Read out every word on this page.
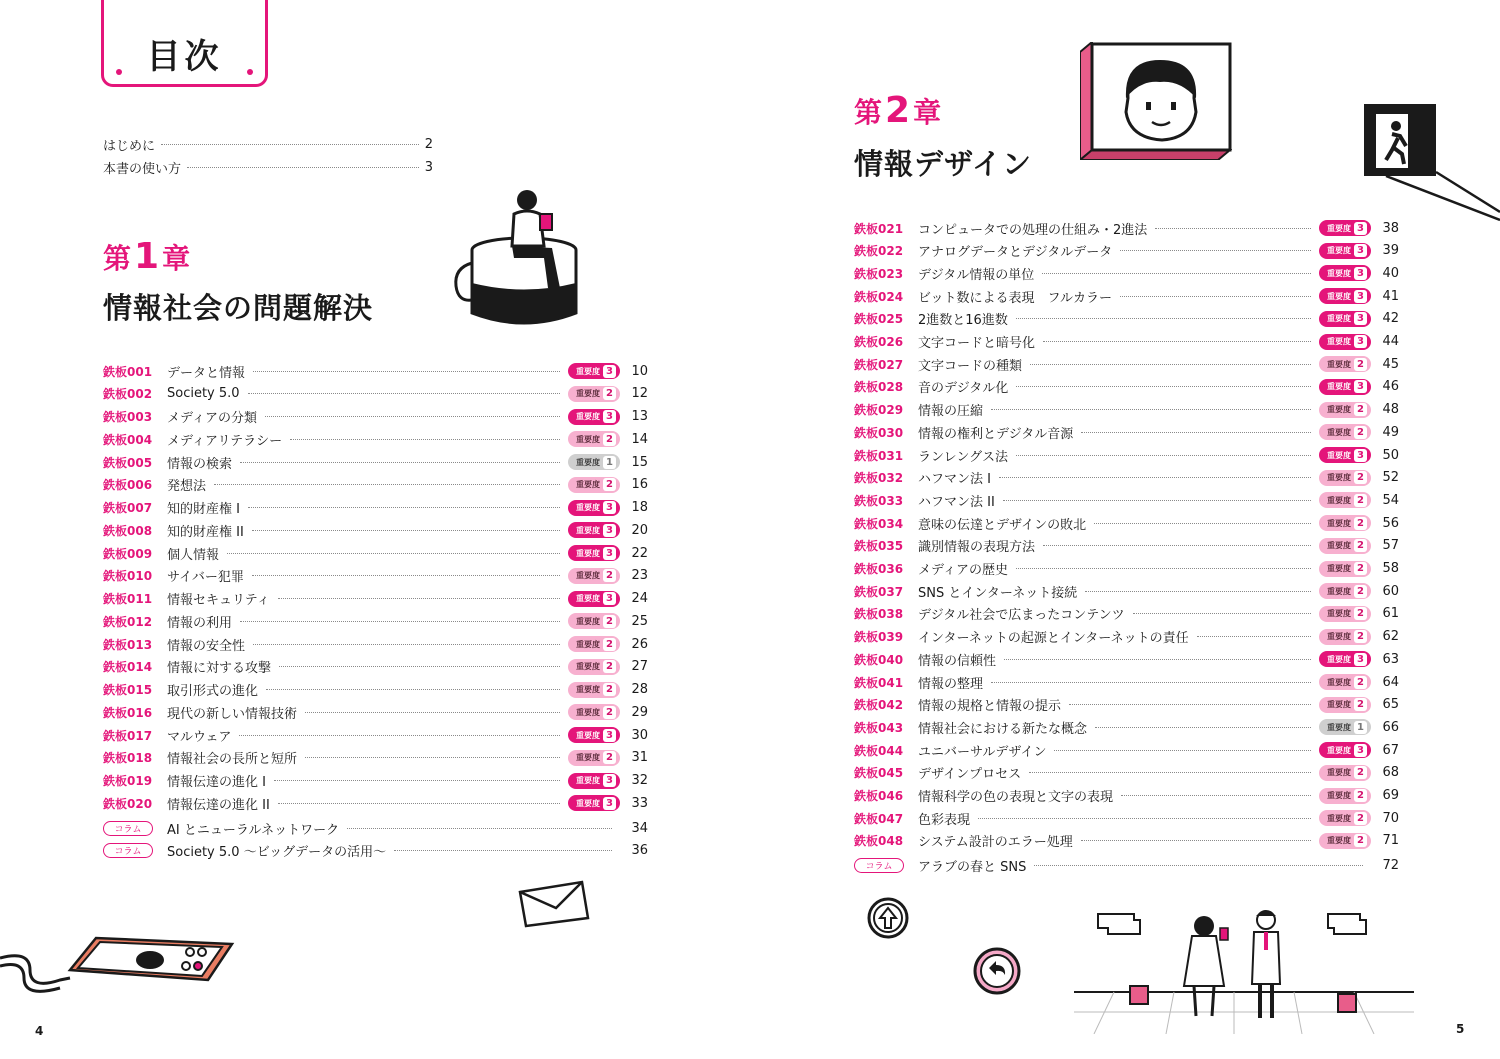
目次
はじめに	2
本書の使い方	3
第1 章
情報社会の問題解決
鉄板001	データと情報	重要度 3	10
鉄板002	Society 5.0	重要度 2	12
鉄板003	メディアの分類	重要度 3	13
鉄板004	メディアリテラシー	重要度 2	14
鉄板005	情報の検索	重要度 1	15
鉄板006	発想法	重要度 2	16
鉄板007	知的財産権 I	重要度 3	18
鉄板008	知的財産権 II	重要度 3	20
鉄板009	個人情報	重要度 3	22
鉄板010	サイバー犯罪	重要度 2	23
鉄板011	情報セキュリティ	重要度 3	24
鉄板012	情報の利用	重要度 2	25
鉄板013	情報の安全性	重要度 2	26
鉄板014	情報に対する攻撃	重要度 2	27
鉄板015	取引形式の進化	重要度 2	28
鉄板016	現代の新しい情報技術	重要度 2	29
鉄板017	マルウェア	重要度 3	30
鉄板018	情報社会の長所と短所	重要度 2	31
鉄板019	情報伝達の進化 I	重要度 3	32
鉄板020	情報伝達の進化 II	重要度 3	33
コラム	AI とニューラルネットワーク	34
コラム	Society 5.0 ～ビッグデータの活用～	36
4
第2 章
情報デザイン
鉄板021	コンピュータでの処理の仕組み・2進法	重要度 3	38
鉄板022	アナログデータとデジタルデータ	重要度 3	39
鉄板023	デジタル情報の単位	重要度 3	40
鉄板024	ビット数による表現　フルカラー	重要度 3	41
鉄板025	2進数と16進数	重要度 3	42
鉄板026	文字コードと暗号化	重要度 3	44
鉄板027	文字コードの種類	重要度 2	45
鉄板028	音のデジタル化	重要度 3	46
鉄板029	情報の圧縮	重要度 2	48
鉄板030	情報の権利とデジタル音源	重要度 2	49
鉄板031	ランレングス法	重要度 3	50
鉄板032	ハフマン法 I	重要度 2	52
鉄板033	ハフマン法 II	重要度 2	54
鉄板034	意味の伝達とデザインの敗北	重要度 2	56
鉄板035	識別情報の表現方法	重要度 2	57
鉄板036	メディアの歴史	重要度 2	58
鉄板037	SNS とインターネット接続	重要度 2	60
鉄板038	デジタル社会で広まったコンテンツ	重要度 2	61
鉄板039	インターネットの起源とインターネットの責任	重要度 2	62
鉄板040	情報の信頼性	重要度 3	63
鉄板041	情報の整理	重要度 2	64
鉄板042	情報の規格と情報の提示	重要度 2	65
鉄板043	情報社会における新たな概念	重要度 1	66
鉄板044	ユニバーサルデザイン	重要度 3	67
鉄板045	デザインプロセス	重要度 2	68
鉄板046	情報科学の色の表現と文字の表現	重要度 2	69
鉄板047	色彩表現	重要度 2	70
鉄板048	システム設計のエラー処理	重要度 2	71
コラム	アラブの春と SNS	72
5
